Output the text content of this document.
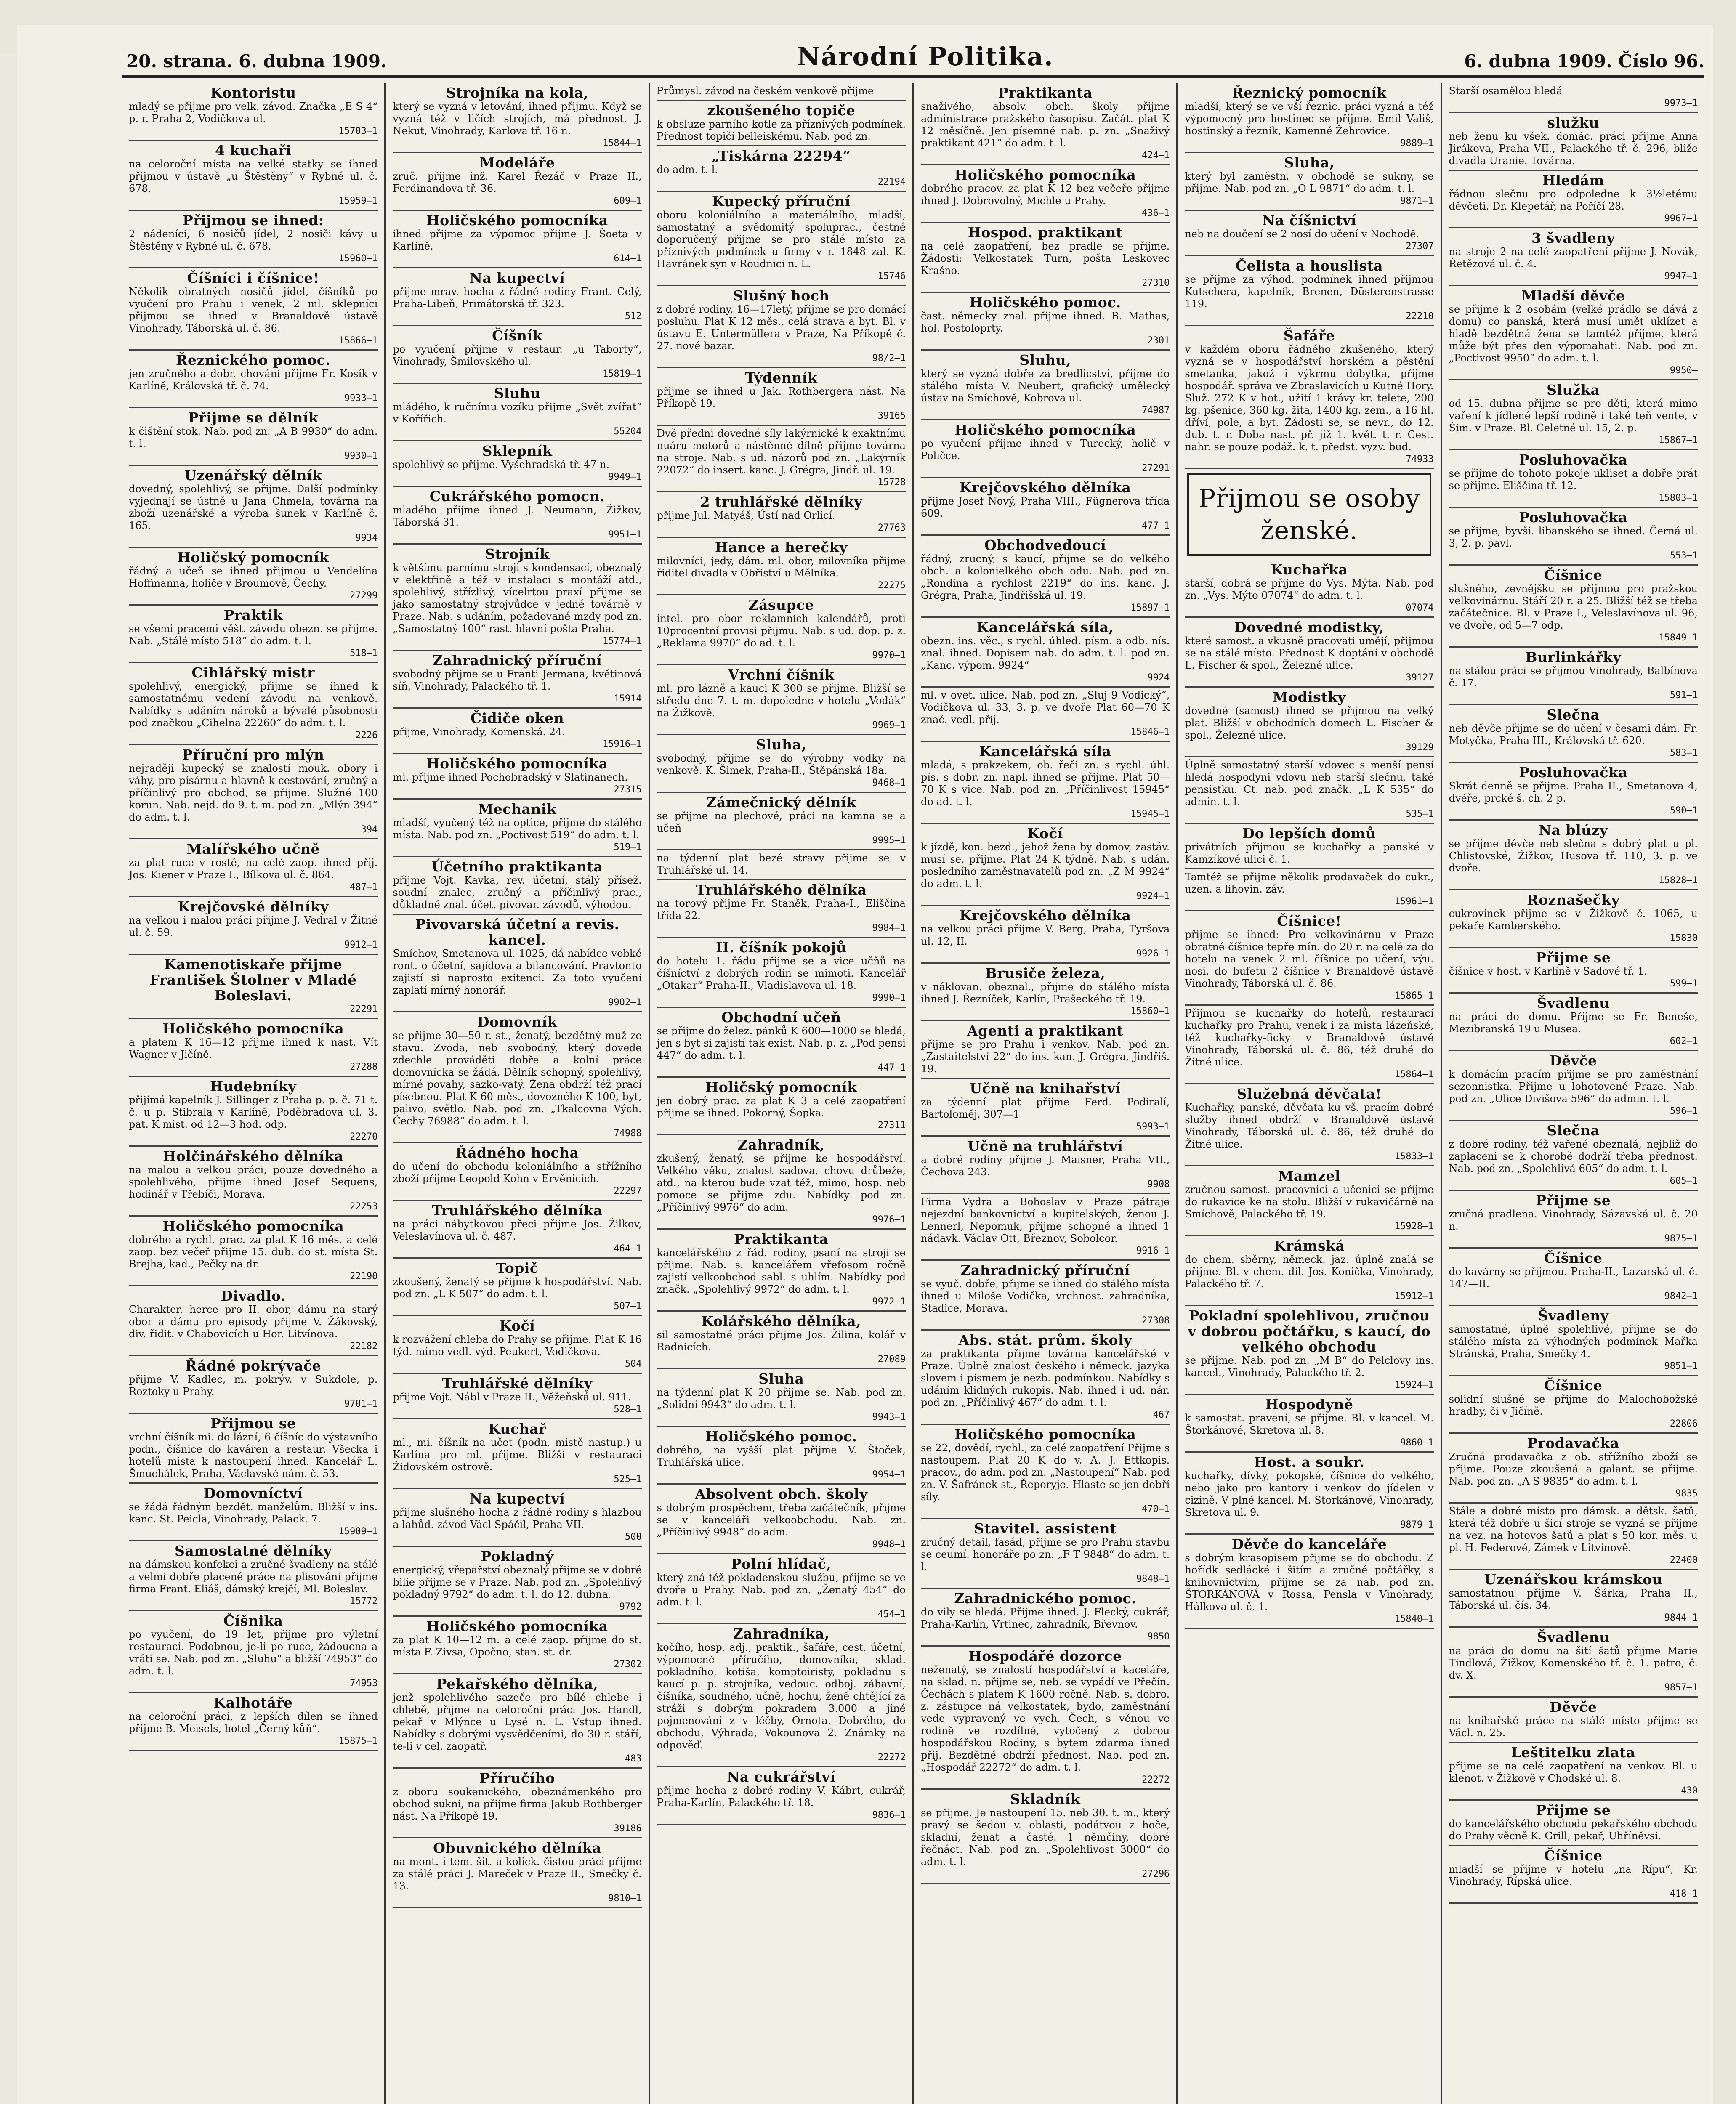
20. strana. 6. dubna 1909.	Národní Politika.	6. dubna 1909. Číslo 96.
Kontoristu
mladý se přijme pro velk. závod. Značka „E S 4“ p. r. Praha 2, Vodičkova ul.
15783—1
4 kuchaři
na celoroční místa na velké statky se ihned přijmou v ústavě „u Štěstěny“ v Rybné ul. č. 678.
15959—1
Přijmou se ihned:
2 nádeníci, 6 nosičů jídel, 2 nosiči kávy u Štěstěny v Rybné ul. č. 678.
15960—1
Číšníci i číšnice!
Několik obratných nosičů jídel, číšníků po vyučení pro Prahu i venek, 2 ml. sklepníci přijmou se ihned v Branaldově ústavě Vinohrady, Táborská ul. č. 86.
15866—1
Řeznického pomoc.
jen zručného a dobr. chování přijme Fr. Kosík v Karlíně, Královská tř. č. 74.
9933—1
Přijme se dělník
k čištění stok. Nab. pod zn. „A B 9930“ do adm. t. l.
9930—1
Uzenářský dělník
dovedný, spolehlivý, se přijme. Další podmínky vyjednají se ústně u Jana Chmela, továrna na zboží uzenářské a výroba šunek v Karlíně č. 165.
9934
Holičský pomocník
řádný a učeň se ihned přijmou u Vendelína Hoffmanna, holiče v Broumově, Čechy.
27299
Praktik
se všemi pracemi věšt. závodu obezn. se přijme. Nab. „Stálé místo 518“ do adm. t. l.
518—1
Cihlářský mistr
spolehlivý, energický, přijme se ihned k samostatnému vedení závodu na venkově. Nabídky s udáním nároků a bývalé působnosti pod značkou „Cihelna 22260“ do adm. t. l.
2226
Příruční pro mlýn
nejraději kupecký se znalostí mouk. obory i váhy, pro písárnu a hlavně k cestování, zručný a příčinlivý pro obchod, se přijme. Služné 100 korun. Nab. nejd. do 9. t. m. pod zn. „Mlýn 394“ do adm. t. l.
394
Malířského učně
za plat ruce v rosté, na celé zaop. ihned přij. Jos. Kiener v Praze I., Bílkova ul. č. 864.
487—1
Krejčovské dělníky
na velkou i malou práci přijme J. Vedral v Žitné ul. č. 59.
9912—1
Kamenotiskaře přijme František Štolner v Mladé Boleslavi.
22291
Holičského pomocníka
a platem K 16—12 přijme ihned k nast. Vít Wagner v Jičíně.
27288
Hudebníky
přijímá kapelník J. Sillinger z Praha p. p. č. 71 t. č. u p. Stibrala v Karlíně, Poděbradova ul. 3. pat. K mist. od 12—3 hod. odp.
22270
Holčinářského dělníka
na malou a velkou práci, pouze dovedného a spolehlivého, přijme ihned Josef Sequens, hodinář v Třebíči, Morava.
22253
Holičského pomocníka
dobrého a rychl. prac. za plat K 16 měs. a celé zaop. bez večeř přijme 15. dub. do st. místa St. Brejha, kad., Pečky na dr.
22190
Divadlo.
Charakter. herce pro II. obor, dámu na starý obor a dámu pro episody přijme V. Žákovský, div. řidit. v Chabovicích u Hor. Litvínova.
22182
Řádné pokrývače
přijme V. Kadlec, m. pokrýv. v Sukdole, p. Roztoky u Prahy.
9781—1
Přijmou se
vrchní číšník mi. do lázní, 6 číšníc do výstavního podn., číšnice do kaváren a restaur. Všecka i hotelů mista k nastoupení ihned. Kancelář L. Šmuchálek, Praha, Václavské nám. č. 53.
Domovníctví
se žádá řádným bezdět. manželům. Bližší v ins. kanc. St. Peicla, Vinohrady, Palack. 7.
15909—1
Samostatné dělníky
na dámskou konfekci a zručné švadleny na stálé a velmi dobře placené práce na plisování přijme firma Frant. Eliáš, dámský krejčí, Ml. Boleslav.
15772
Číšnika
po vyučení, do 19 let, přijme pro výletní restauraci. Podobnou, je-li po ruce, žádoucna a vrátí se. Nab. pod zn. „Sluhu“ a bližší 74953“ do adm. t. l.
74953
Kalhotáře
na celoroční práci, z lepších dílen se ihned přijme B. Meisels, hotel „Černý kůň“.
15875—1
Strojníka na kola,
který se vyzná v letování, ihned přijmu. Když se vyzná též v ličích strojích, má přednost. J. Nekut, Vinohrady, Karlova tř. 16 n.
15844—1
Modeláře
zruč. přijme inž. Karel Řezáč v Praze II., Ferdinandova tř. 36.
609—1
Holičského pomocníka
ihned přijme za výpomoc přijme J. Šoeta v Karlíně.
614—1
Na kupectví
přijme mrav. hocha z řádné rodiny Frant. Celý, Praha-Libeň, Primátorská tř. 323.
512
Číšník
po vyučení přijme v restaur. „u Taborty“, Vinohrady, Šmilovského ul.
15819—1
Sluhu
mládého, k ručnímu vozíku přijme „Svět zvířat“ v Kořířich.
55204
Sklepník
spolehlivý se přijme. Vyšehradská tř. 47 n.
9949—1
Cukrářského pomocn.
mladého přijme ihned J. Neumann, Žižkov, Táborská 31.
9951—1
Strojník
k většímu parnímu stroji s kondensací, obeznalý v elektřině a též v instalaci s montáží atd., spolehlivý, střízlivý, vícelrtou praxí přijme se jako samostatný strojvůdce v jedné továrně v Praze. Nab. s udáním, požadované mzdy pod zn. „Samostatný 100“ rast. hlavní pošta Praha.
15774—1
Zahradnický příruční
svobodný přijme se u Franti Jermana, květinová síň, Vinohrady, Palackého tř. 1.
15914
Čidiče oken
přijme, Vinohrady, Komenská. 24.
15916—1
Holičského pomocníka
mi. přijme ihned Pochobradský v Slatinanech.
27315
Mechanik
mladší, vyučený též na optice, přijme do stálého místa. Nab. pod zn. „Poctivost 519“ do adm. t. l.
519—1
Účetního praktikanta
přijme Vojt. Kavka, rev. účetní, stálý přísež. soudní znalec, zručný a příčinlivý prac., důkladné znal. účet. pivovar. závodů, výhodou.
Pivovarská účetní a revis. kancel.
Smíchov, Smetanova ul. 1025, dá nabídce vobké ront. o účetní, sajídova a bilancování. Pravtonto zajistí si naprosto exitenci. Za toto vyučení zaplatí mírný honorář.
9902—1
Domovník
se přijme 30—50 r. st., ženatý, bezdětný muž ze stavu. Zvoda, neb svobodný, který dovede zdechle prováděti dobře a kolní práce domovnícka se žádá. Dělník schopný, spolehlivý, mírné povahy, sazko-vatý. Žena obdrží též prací písebnou. Plat K 60 měs., dovozného K 100, byt, palivo, světlo. Nab. pod zn. „Tkalcovna Vých. Čechy 76988“ do adm. t. l.
74988
Řádného hocha
do učení do obchodu koloniálního a střížního zboží přijme Leopold Kohn v Ervěnicích.
22297
Truhlářského dělníka
na práci nábytkovou přeci přijme Jos. Žilkov, Veleslavínova ul. č. 487.
464—1
Topič
zkoušený, ženatý se přijme k hospodářství. Nab. pod zn. „L K 507“ do adm. t. l.
507—1
Kočí
k rozvážení chleba do Prahy se přijme. Plat K 16 týd. mimo vedl. výd. Peukert, Vodičkova.
504
Truhlářské dělníky
přijme Vojt. Nábl v Praze II., Věžeňská ul. 911.
528—1
Kuchař
ml., mi. číšník na učet (podn. mistě nastup.) u Karlína pro ml. přijme. Bližší v restauraci Židovském ostrově.
525—1
Na kupectví
přijme slušného hocha z řádné rodiny s hlazbou a lahůd. závod Václ Spáčil, Praha VII.
500
Pokladný
energický, vřepařství obeznalý přijme se v dobré bilie přijme se v Praze. Nab. pod zn. „Spolehlivý pokladný 9792“ do adm. t. l. do 12. dubna.
9792
Holičského pomocníka
za plat K 10—12 m. a celé zaop. přijme do st. místa F. Zivsa, Opočno, stan. st. dr.
27302
Pekařského dělníka,
jenž spolehlivého sazeče pro bílé chlebe i chlebě, přijme na celoroční práci Jos. Handl, pekař v Mlýnce u Lysé n. L. Vstup ihned. Nabídky s dobrými vysvědčeními, do 30 r. stáří, ťe-li v cel. zaopatř.
483
Příručího
z oboru soukenického, obeznámenkého pro obchod sukni, na přijme firma Jakub Rothberger nást. Na Příkopě 19.
39186
Obuvnického dělníka
na mont. i tem. šit. a kolick. čistou práci přijme za stálé práci J. Mareček v Praze II., Smečky č. 13.
9810—1
Průmysl. závod na českém venkově přijme
zkoušeného topiče
k obsluze parního kotle za příznivých podmínek. Přednost topičí belleiskému. Nab. pod zn.
„Tiskárna 22294“
do adm. t. l.
22194
Kupecký příruční
oboru koloniálního a materiálního, mladší, samostatný a svědomitý spoluprac., čestné doporučený přijme se pro stálé místo za příznivých podmínek u firmy v r. 1848 zal. K. Havránek syn v Roudnici n. L.
15746
Slušný hoch
z dobré rodiny, 16—17letý, přijme se pro domácí posluhu. Plat K 12 měs., celá strava a byt. Bl. v ústavu E. Untermüllera v Praze, Na Příkopě č. 27. nové bazar.
98/2—1
Týdenník
přijme se ihned u Jak. Rothbergera nást. Na Příkopě 19.
39165
Dvě předni dovedné síly lakýrnické k exaktnímu nuáru motorů a nástěnné dílně přijme továrna na stroje. Nab. s ud. názorů pod zn. „Lakýrník 22072“ do insert. kanc. J. Grégra, Jindř. ul. 19.
15728
2 truhlářské dělníky
přijme Jul. Matyáš, Ústí nad Orlicí.
27763
Hance a herečky
milovníci, jedy, dám. ml. obor, milovníka přijme řiditel divadla v Obřiství u Mělníka.
22275
Zásupce
intel. pro obor reklamních kalendářů, proti 10procentní provisi přijmu. Nab. s ud. dop. p. z. „Reklama 9970“ do ad. t. l.
9970—1
Vrchní číšník
ml. pro lázně a kauci K 300 se přijme. Bližší se středu dne 7. t. m. dopoledne v hotelu „Vodák“ na Žižkově.
9969—1
Sluha,
svobodný, přijme se do výrobny vodky na venkově. K. Šimek, Praha-II., Štěpánská 18a.
9468—1
Zámečnický dělník
se přijme na plechové, práci na kamna se a učeň
9995—1
na týdenní plat bezé stravy přijme se v Truhlářské ul. 14.
Truhlářského dělníka
na torový přijme Fr. Staněk, Praha-I., Eliščina třída 22.
9984—1
II. číšník pokojů
do hotelu 1. řádu přijme se a vice učňů na číšníctví z dobrých rodin se mimoti. Kancelář „Otakar“ Praha-II., Vladislavova ul. 18.
9990—1
Obchodní učeň
se přijme do želez. pánků K 600—1000 se hledá, jen s byt si zajistí tak exist. Nab. p. z. „Pod pensi 447“ do adm. t. l.
447—1
Holičský pomocník
jen dobrý prac. za plat K 3 a celé zaopatření přijme se ihned. Pokorný, Šopka.
27311
Zahradník,
zkušený, ženatý, se přijme ke hospodářství. Velkého věku, znalost sadova, chovu drůbeže, atd., na kterou bude vzat též, mimo, hosp. neb pomoce se přijme zdu. Nabídky pod zn. „Příčinlivý 9976“ do adm.
9976—1
Praktikanta
kancelářského z řád. rodiny, psaní na stroji se přijme. Nab. s. kancelářem vřefosom ročně zajistí velkoobchod sabl. s uhlím. Nabídky pod značk. „Spolehlivý 9972“ do adm. t. l.
9972—1
Kolářského dělníka,
sil samostatné práci přijme Jos. Žilina, kolář v Radnicích.
27089
Sluha
na týdenní plat K 20 přijme se. Nab. pod zn. „Solidní 9943“ do adm. t. l.
9943—1
Holičského pomoc.
dobrého, na vyšší plat přijme V. Štoček, Truhlářská ulice.
9954—1
Absolvent obch. školy
s dobrým prospěchem, třeba začátečník, přijme se v kanceláři velkoobchodu. Nab. zn. „Příčinlivý 9948“ do adm.
9948—1
Polní hlídač,
který zná též pokladenskou službu, přijme se ve dvoře u Prahy. Nab. pod zn. „Ženatý 454“ do adm. t. l.
454—1
Zahradníka,
kočího, hosp. adj., praktik., šafáře, cest. účetní, výpomocné příručího, domovníka, sklad. pokladního, kotiša, komptoiristy, pokladnu s kaucí p. p. strojníka, vedouc. odboj. zábavní, číšníka, soudného, učně, hochu, ženě chtějící za stráži s dobrým pokradem 3.000 a jiné pojmenování z v léčby, Ornota. Dobrého, do obchodu, Výhrada, Vokounova 2. Známky na odpověď.
22272
Na cukrářství
přijme hocha z dobré rodiny V. Kábrt, cukrář, Praha-Karlín, Palackého tř. 18.
9836—1
Praktikanta
snaživého, absolv. obch. školy přijme administrace pražského časopisu. Začát. plat K 12 měsíčně. Jen písemné nab. p. zn. „Snaživý praktikant 421“ do adm. t. l.
424—1
Holičského pomocníka
dobrého pracov. za plat K 12 bez večeře přijme ihned J. Dobrovolný, Michle u Prahy.
436—1
Hospod. praktikant
na celé zaopatření, bez pradle se přijme. Žádosti: Velkostatek Turn, pošta Leskovec Krašno.
27310
Holičského pomoc.
čast. německy znal. přijme ihned. B. Mathas, hol. Postoloprty.
2301
Sluhu,
který se vyzná dobře za bredlicstvi, přijme do stálého místa V. Neubert, grafický umělecký ústav na Smíchově, Kobrova ul.
74987
Holičského pomocníka
po vyučení přijme ihned v Turecký, holič v Poličce.
27291
Krejčovského dělníka
přijme Josef Nový, Praha VIII., Fügnerova třída 609.
477—1
Obchodvedoucí
řádný, zrucný, s kaucí, přijme se do velkého obch. a kolonielkého obch odu. Nab. pod zn. „Rondina a rychlost 2219“ do ins. kanc. J. Grégra, Praha, Jindřišská ul. 19.
15897—1
Kancelářská síla,
obezn. ins. věc., s rychl. úhled. písm. a odb. nís. znal. ihned. Dopisem nab. do adm. t. l. pod zn. „Kanc. výpom. 9924“
9924
ml. v ovet. ulice. Nab. pod zn. „Sluj 9 Vodický“, Vodičkova ul. 33, 3. p. ve dvoře Plat 60—70 K znač. vedl. příj.
15846—1
Kancelářská síla
mladá, s prakzekem, ob. řeči zn. s rychl. úhl. pís. s dobr. zn. napl. ihned se přijme. Plat 50—70 K s vice. Nab. pod zn. „Příčinlivost 15945“ do ad. t. l.
15945—1
Kočí
k jízdě, kon. bezd., jehož žena by domov, zastáv. musí se, přijme. Plat 24 K týdně. Nab. s udán. posledního zaměstnavatelů pod zn. „Z M 9924“ do adm. t. l.
9924—1
Krejčovského dělníka
na velkou práci přijme V. Berg, Praha, Tyršova ul. 12, II.
9926—1
Brusiče železa,
v náklovan. obeznal., přijme do stálého místa ihned J. Řezníček, Karlín, Prašeckého tř. 19.
15860—1
Agenti a praktikant
přijme se pro Prahu i venkov. Nab. pod zn. „Zastaitelství 22“ do ins. kan. J. Grégra, Jindřiš. 19.
Učně na knihařství
za týdenní plat přijme Ferd. Podiralí, Bartoloměj. 307—1
5993—1
Učně na truhlářství
a dobré rodiny přijme J. Maisner, Praha VII., Čechova 243.
9908
Firma Vydra a Bohoslav v Praze pátraje nejezdní bankovnictví a kupitelských, ženou J. Lennerl, Nepomuk, přijme schopné a ihned 1 nádavk. Václav Ott, Březnov, Sobolcor.
9916—1
Zahradnický příruční
se vyuč. dobře, přijme se ihned do stálého místa ihned u Miloše Vodička, vrchnost. zahradníka, Stadice, Morava.
27308
Abs. stát. prům. školy
za praktikanta přijme továrna kancelářské v Praze. Úplně znalost českého i německ. jazyka slovem i písmem je nezb. podmínkou. Nabídky s udáním klidných rukopis. Nab. ihned i ud. nár. pod zn. „Příčinlivý 467“ do adm. t. l.
467
Holičského pomocníka
se 22, dovědí, rychl., za celé zaopatření Přijme s nastoupem. Plat 20 K do v. A. J. Ettkopis. pracov., do adm. pod zn. „Nastoupení“ Nab. pod zn. V. Šafránek st., Řeporyje. Hlaste se jen dobří síly.
470—1
Stavitel. assistent
zručný detail, fasád, přijme se pro Prahu stavbu se ceumí. honoráře po zn. „F T 9848“ do adm. t. l.
9848—1
Zahradnického pomoc.
do vily se hledá. Přijme ihned. J. Flecký, cukrář, Praha-Karlín, Vrtinec, zahradník, Břevnov.
9850
Hospodářé dozorce
neženatý, se znalostí hospodářství a kaceláře, na sklad. n. přijme se, neb. se vypádí ve Přečín. Čechách s platem K 1600 ročně. Nab. s. dobro. z. zástupce ná velkostatek, bydo, zaměstnání vede vypravený ve vych. Čech, s věnou ve rodině ve rozdílné, vytočený z dobrou hospodářskou Rodiny, s bytem zdarma ihned přij. Bezdětné obdrží přednost. Nab. pod zn. „Hospodář 22272“ do adm. t. l.
22272
Skladník
se přijme. Je nastoupení 15. neb 30. t. m., který pravý se šedou v. oblasti, podátvou z hoče, skladní, ženat a časté. 1 němčiny, dobré řečnáct. Nab. pod zn. „Spolehlivost 3000“ do adm. t. l.
27296
Řeznický pomocník
mladší, který se ve vší řeznic. práci vyzná a též výpomocný pro hostinec se přijme. Emil Vališ, hostinský a řezník, Kamenné Žehrovice.
9889—1
Sluha,
který byl zaměstn. v obchodě se sukny, se přijme. Nab. pod zn. „O L 9871“ do adm. t. l.
9871—1
Na číšnictví
neb na doučení se 2 nosí do učení v Nochodě.
27307
Čelista a houslista
se přijme za výhod. podmínek ihned přijmou Kutschera, kapelník, Brenen, Düsterenstrasse 119.
22210
Šafáře
v každém oboru řádného zkušeného, který vyzná se v hospodářství horském a pěstění smetanka, jakož i výkrmu dobytka, přijme hospodář. správa ve Zbraslavicích u Kutné Hory. Služ. 272 K v hot., užití 1 krávy kr. telete, 200 kg. pšenice, 360 kg. žita, 1400 kg. zem., a 16 hl. dříví, pole, a byt. Žádosti se, se nevr., do 12. dub. t. r. Doba nast. př. již 1. květ. t. r. Cest. nahr. se pouze podáž. k. t. předst. vyzv. bud.
74933
Přijmou se osoby ženské.
Kuchařka
starší, dobrá se přijme do Vys. Mýta. Nab. pod zn. „Vys. Mýto 07074“ do adm. t. l.
07074
Dovedné modistky,
které samost. a vkusně pracovati umějí, přijmou se na stálé místo. Přednost K doptání v obchodě L. Fischer & spol., Železné ulice.
39127
Modistky
dovedné (samost) ihned se přijmou na velký plat. Bližší v obchodních domech L. Fischer & spol., Železné ulice.
39129
Úplně samostatný starší vdovec s menší pensí hledá hospodyni vdovu neb starší slečnu, také pensistku. Ct. nab. pod značk. „L K 535“ do admin. t. l.
535—1
Do lepších domů
privátních přijmou se kuchařky a panské v Kamzíkové ulici č. 1.
Tamtéž se přijme několik prodavaček do cukr., uzen. a lihovin. záv.
15961—1
Číšnice!
přijme se ihned: Pro velkovinárnu v Praze obratné číšnice tepře mín. do 20 r. na celé za do hotelu na venek 2 ml. číšnice po učení, výu. nosi. do bufetu 2 číšnice v Branaldově ústavě Vinohrady, Táborská ul. č. 86.
15865—1
Přijmou se kuchařky do hotelů, restaurací kuchařky pro Prahu, venek i za mista lázeňské, též kuchařky-ficky v Branaldově ústavě Vinohrady, Táborská ul. č. 86, též druhé do Žitné ulice.
15864—1
Služebná děvčata!
Kuchařky, panské, děvčata ku vš. pracím dobré služby ihned obdrží v Branaldově ústavě Vinohrady, Táborská ul. č. 86, též druhé do Žitné ulice.
15833—1
Mamzel
zručnou samost. pracovnici a učenici se příjme do rukavice ke na stolu. Bližší v rukavičárně na Smíchově, Palackého tř. 19.
15928—1
Krámská
do chem. sběrny, německ. jaz. úplně znalá se přijme. Bl. v chem. díl. Jos. Konička, Vinohrady, Palackého tř. 7.
15912—1
Pokladní spolehlivou, zručnou v dobrou počtářku, s kaucí, do velkého obchodu
se přijme. Nab. pod zn. „M B“ do Pelclovy ins. kancel., Vinohrady, Palackého tř. 2.
15924—1
Hospodyně
k samostat. pravení, se přijme. Bl. v kancel. M. Štorkánové, Skretova ul. 8.
9860—1
Host. a soukr.
kuchařky, dívky, pokojské, číšnice do velkého, nebo jako pro kantory i venkov do jídelen v cizině. V plné kancel. M. Storkánové, Vinohrady, Skretova ul. 9.
9879—1
Děvče do kanceláře
s dobrým krasopisem přijme se do obchodu. Z hořídk sedlácké i šitím a zručné počtářky, s knihovnictvím, přijme se za nab. pod zn. ŠTORKÁNOVÁ v Rossa, Pensla v Vinohrady, Hálkova ul. č. 1.
15840—1
Starší osamělou hledá
9973—1
služku
neb ženu ku všek. domác. práci přijme Anna Jirákova, Praha VII., Palackého tř. č. 296, bliže divadla Uranie. Továrna.
Hledám
řádnou slečnu pro odpoledne k 3½letému děvčeti. Dr. Klepetář, na Poříčí 28.
9967—1
3 švadleny
na stroje 2 na celé zaopatření přijme J. Novák, Řetězová ul. č. 4.
9947—1
Mladší děvče
se přijme k 2 osobám (velké prádlo se dává z domu) co panská, která musí umět uklízet a hladě bezdětná žena se tamtéž přijme, která může být přes den výpomahati. Nab. pod zn. „Poctivost 9950“ do adm. t. l.
9950—
Služka
od 15. dubna přijme se pro děti, která mimo vaření k jídlené lepší rodině i také teň vente, v Šim. v Praze. Bl. Celetné ul. 15, 2. p.
15867—1
Posluhovačka
se přijme do tohoto pokoje ukliset a dobře prát se přijme. Eliščina tř. 12.
15803—1
Posluhovačka
se přijme, byvši. libanského se ihned. Černá ul. 3, 2. p. pavl.
553—1
Číšnice
slušného, zevnějšku se přijmou pro pražskou velkovinárnu. Stáří 20 r. a 25. Bližší též se třeba začátečnice. Bl. v Praze I., Veleslavínova ul. 96, ve dvoře, od 5—7 odp.
15849—1
Burlinkářky
na stálou práci se přijmou Vinohrady, Balbínova č. 17.
591—1
Slečna
neb děvče přijme se do učení v česami dám. Fr. Motyčka, Praha III., Královská tř. 620.
583—1
Posluhovačka
Skrát denně se přijme. Praha II., Smetanova 4, dvéře, prcké š. ch. 2 p.
590—1
Na blúzy
se přijme děvče neb slečna s dobrý plat u pl. Chlistovské, Žižkov, Husova tř. 110, 3. p. ve dvoře.
15828—1
Roznašečky
cukrovinek přijme se v Žižkově č. 1065, u pekaře Kamberského.
15830
Přijme se
číšnice v host. v Karlíně v Sadové tř. 1.
599—1
Švadlenu
na práci do domu. Přijme se Fr. Beneše, Mezibranská 19 u Musea.
602—1
Děvče
k domácím pracím přijme se pro zaměstnání sezonnistka. Přijme u lohotovené Praze. Nab. pod zn. „Ulice Divišova 596“ do admin. t. l.
596—1
Slečna
z dobré rodiny, též vařené obeznalá, nejbliž do zaplaceni se k chorobě dodrží třeba přednost. Nab. pod zn. „Spolehlivá 605“ do adm. t. l.
605—1
Přijme se
zručná pradlena. Vinohrady, Sázavská ul. č. 20 n.
9875—1
Číšnice
do kavárny se přijmou. Praha-II., Lazarská ul. č. 147—II.
9842—1
Švadleny
samostatné, úplně spolehlivé, přijme se do stálého místa za výhodných podmínek Mařka Stránská, Praha, Smečky 4.
9851—1
Číšnice
solidní slušné se přijme do Malochobožské hradby, či v Jičíně.
22806
Prodavačka
Zručná prodavačka z ob. střížního zboží se přijme. Pouze zkoušená a galant. se přijme. Nab. pod zn. „A S 9835“ do adm. t. l.
9835
Stále a dobré místo pro dámsk. a dětsk. šatů, která též dobře u šicí stroje se vyzná se přijme na vez. na hotovos šatů a plat s 50 kor. měs. u pl. H. Federové, Zámek v Litvínově.
22400
Uzenářskou krámskou
samostatnou přijme V. Šárka, Praha II., Táborská ul. čís. 34.
9844—1
Švadlenu
na práci do domu na šití šatů přijme Marie Tindlová, Žižkov, Komenského tř. č. 1. patro, č. dv. X.
9857—1
Děvče
na knihařské práce na stálé místo přijme se Václ. n. 25.
Leštitelku zlata
přijme se na celé zaopatření na venkov. Bl. u klenot. v Žižkově v Chodské ul. 8.
430
Přijme se
do kancelářského obchodu pekařského obchodu do Prahy věcně K. Grill, pekař, Uhříněvsi.
Číšnice
mladší se přijme v hotelu „na Rípu“, Kr. Vinohrady, Řípská ulice.
418—1
